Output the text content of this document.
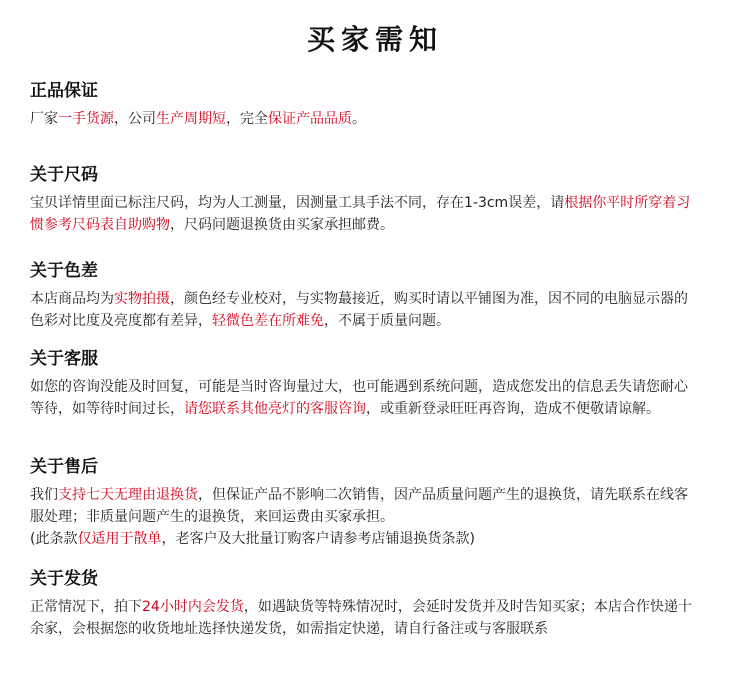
买家需知
正品保证

厂家一手货源，公司生产周期短，完全保证产品品质。

关于尺码

宝贝详情里面已标注尺码，均为人工测量，因测量工具手法不同，存在1-3cm误差，请根据你平时所穿着习惯参考尺码表自助购物，尺码问题退换货由买家承担邮费。

关于色差

本店商品均为实物拍摄，颜色经专业校对，与实物蕞接近，购买时请以平铺图为准，因不同的电脑显示器的色彩对比度及亮度都有差异，轻微色差在所难免，不属于质量问题。

关于客服

如您的咨询没能及时回复，可能是当时咨询量过大，也可能遇到系统问题，造成您发出的信息丢失请您耐心等待，如等待时间过长，请您联系其他亮灯的客服咨询，或重新登录旺旺再咨询，造成不便敬请谅解。

关于售后

我们支持七天无理由退换货，但保证产品不影响二次销售，因产品质量问题产生的退换货，请先联系在线客服处理；非质量问题产生的退换货，来回运费由买家承担。

(此条款仅适用于散单，老客户及大批量订购客户请参考店铺退换货条款)

关于发货

正常情况下，拍下24小时内会发货，如遇缺货等特殊情况时，会延时发货并及时告知买家；本店合作快递十余家，会根据您的收货地址选择快递发货，如需指定快递，请自行备注或与客服联系
